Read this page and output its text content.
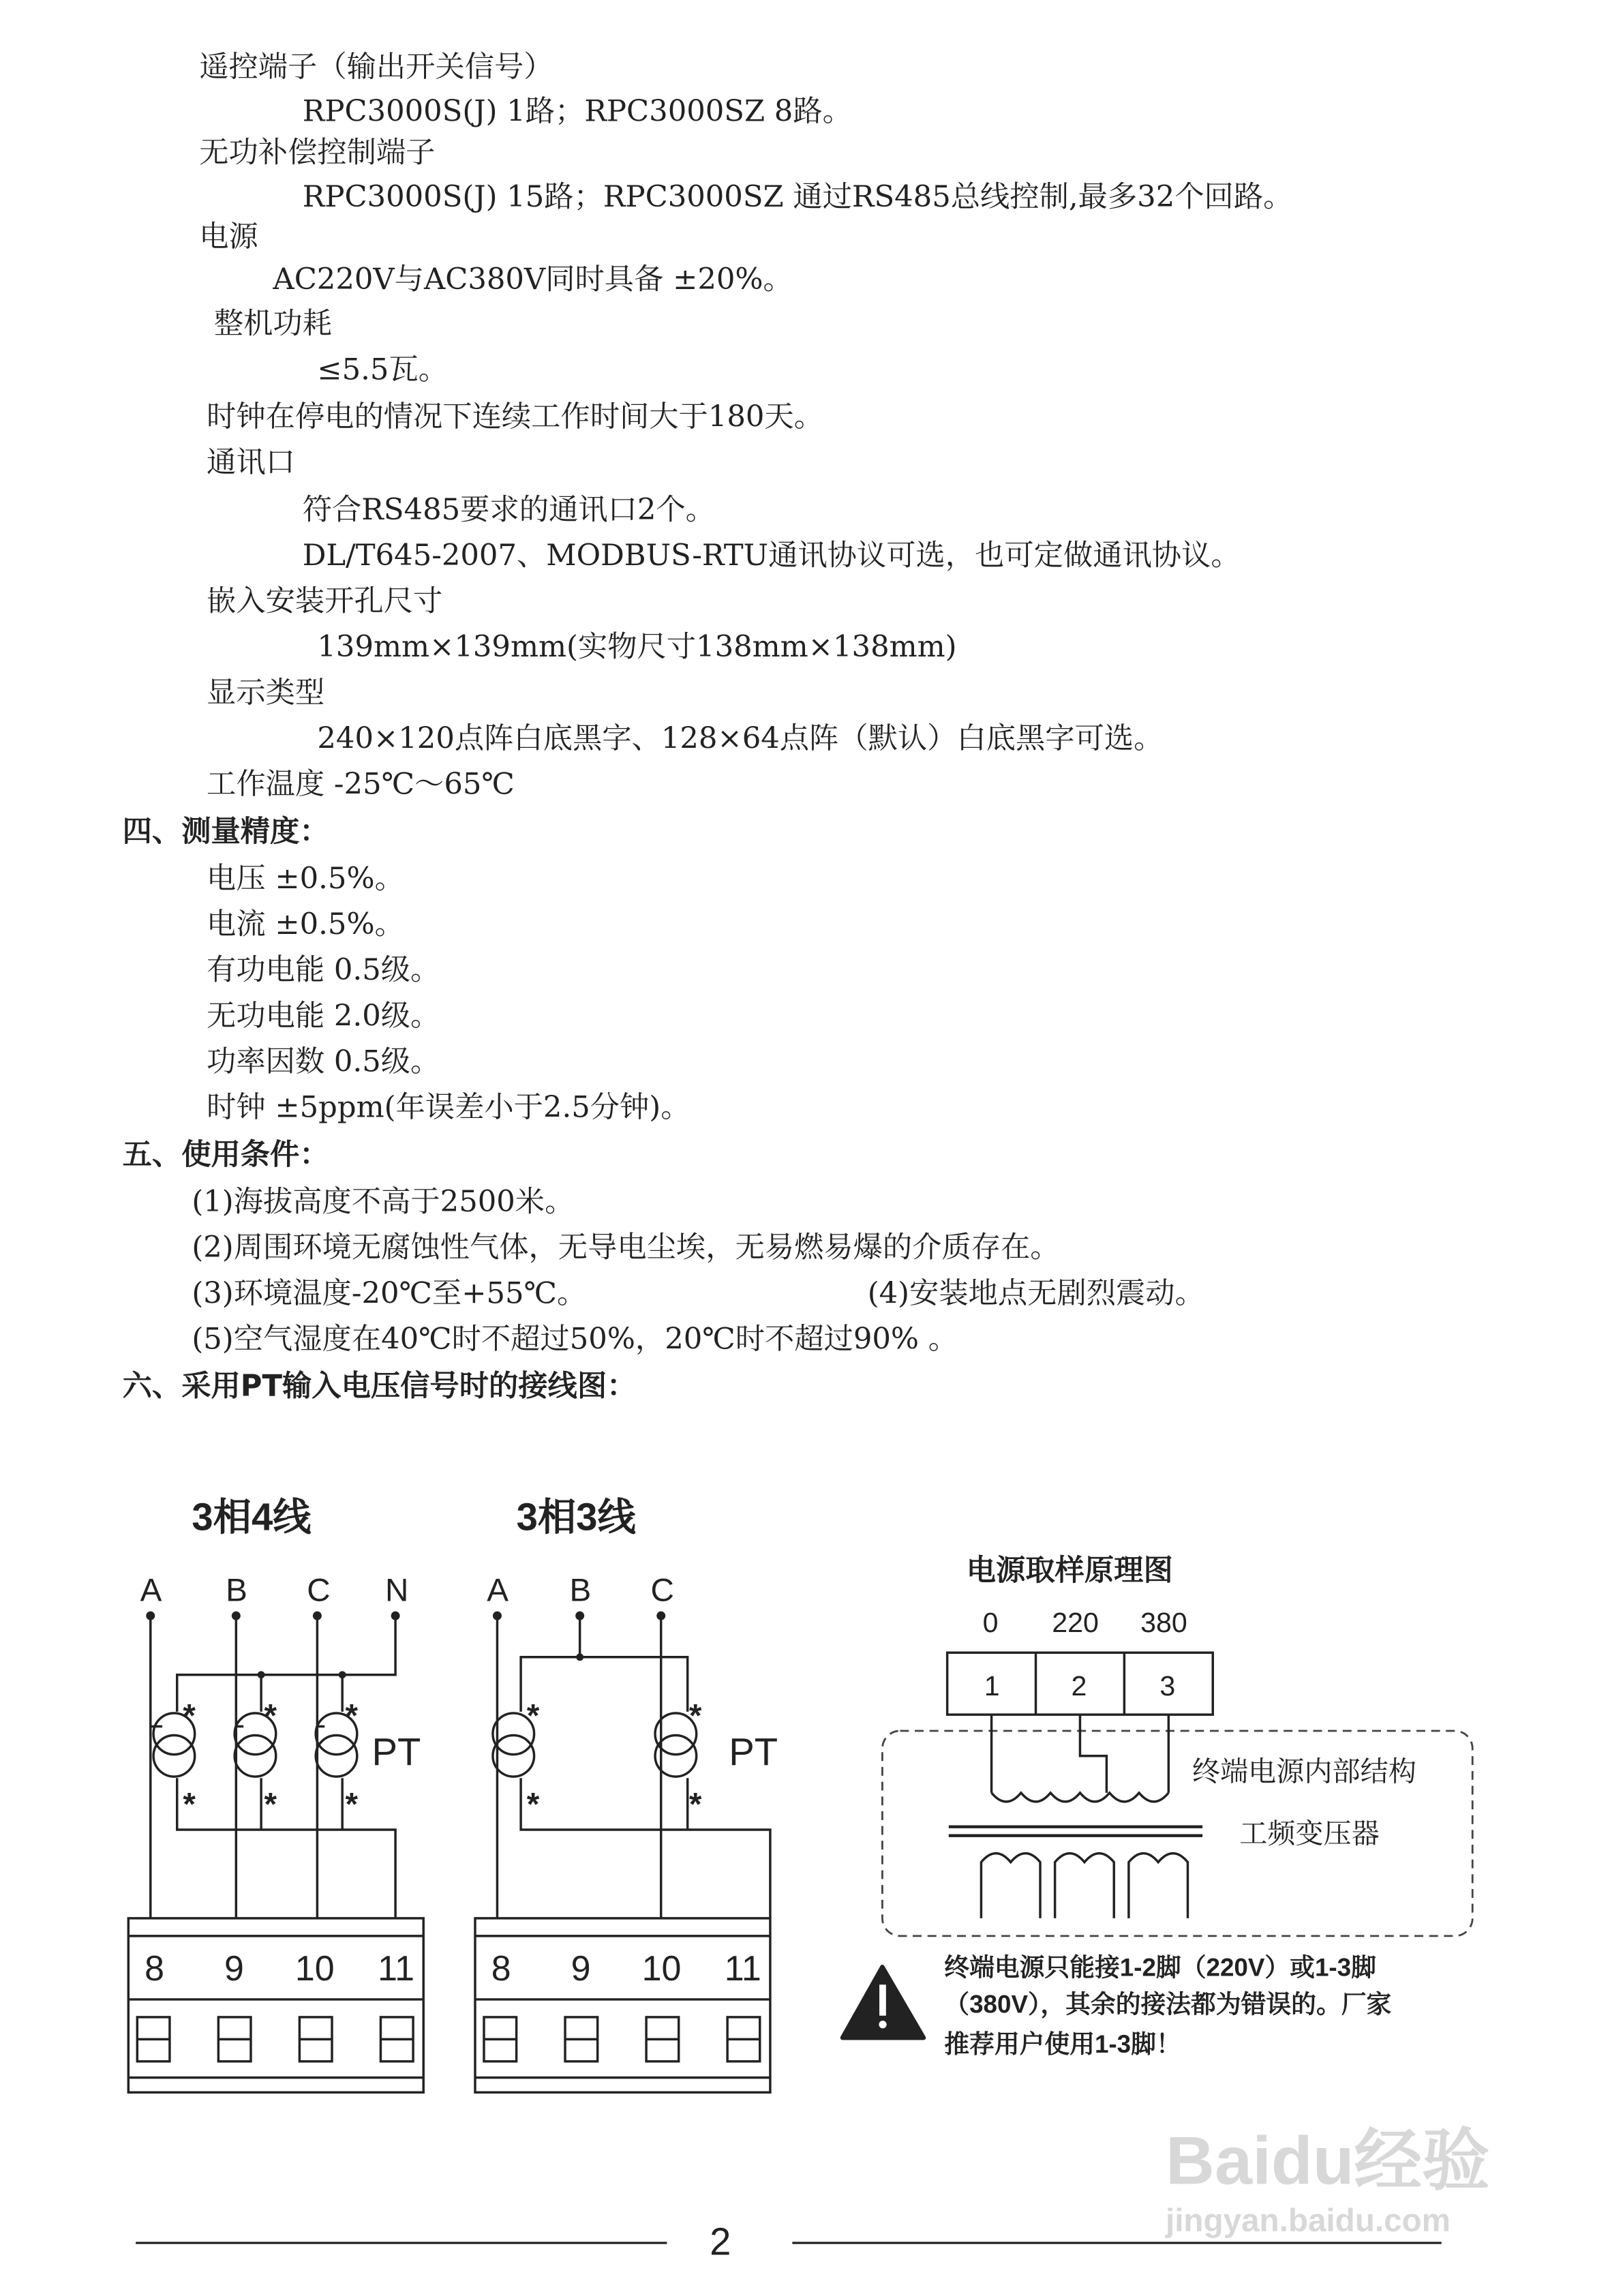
遥控端子（输出开关信号）
RPC3000S(J) 1路；RPC3000SZ 8路。
无功补偿控制端子
RPC3000S(J) 15路；RPC3000SZ 通过RS485总线控制,最多32个回路。
电源
AC220V与AC380V同时具备 ±20%。
整机功耗
≤5.5瓦。
时钟在停电的情况下连续工作时间大于180天。
通讯口
符合RS485要求的通讯口2个。
DL/T645-2007、MODBUS-RTU通讯协议可选，也可定做通讯协议。
嵌入安装开孔尺寸
139mm×139mm(实物尺寸138mm×138mm)
显示类型
240×120点阵白底黑字、128×64点阵（默认）白底黑字可选。
工作温度 -25℃～65℃
四、测量精度：
电压 ±0.5%。
电流 ±0.5%。
有功电能 0.5级。
无功电能 2.0级。
功率因数 0.5级。
时钟 ±5ppm(年误差小于2.5分钟)。
五、使用条件：
(1)海拔高度不高于2500米。
(2)周围环境无腐蚀性气体，无导电尘埃，无易燃易爆的介质存在。
(3)环境温度-20℃至+55℃。	(4)安装地点无剧烈震动。
(5)空气湿度在40℃时不超过50%，20℃时不超过90% 。
六、采用PT输入电压信号时的接线图：
3相4线
A	B	C	N
*	*	*
*	*	*
PT
8	9	10	11
3相3线
A	B	C
*	*
*	*
PT
8	9	10	11
电源取样原理图
0	220	380
1	2	3
终端电源内部结构
工频变压器
终端电源只能接1-2脚（220V）或1-3脚
（380V），其余的接法都为错误的。厂家
推荐用户使用1-3脚！
Baidu经验
jingyan.baidu.com
2
